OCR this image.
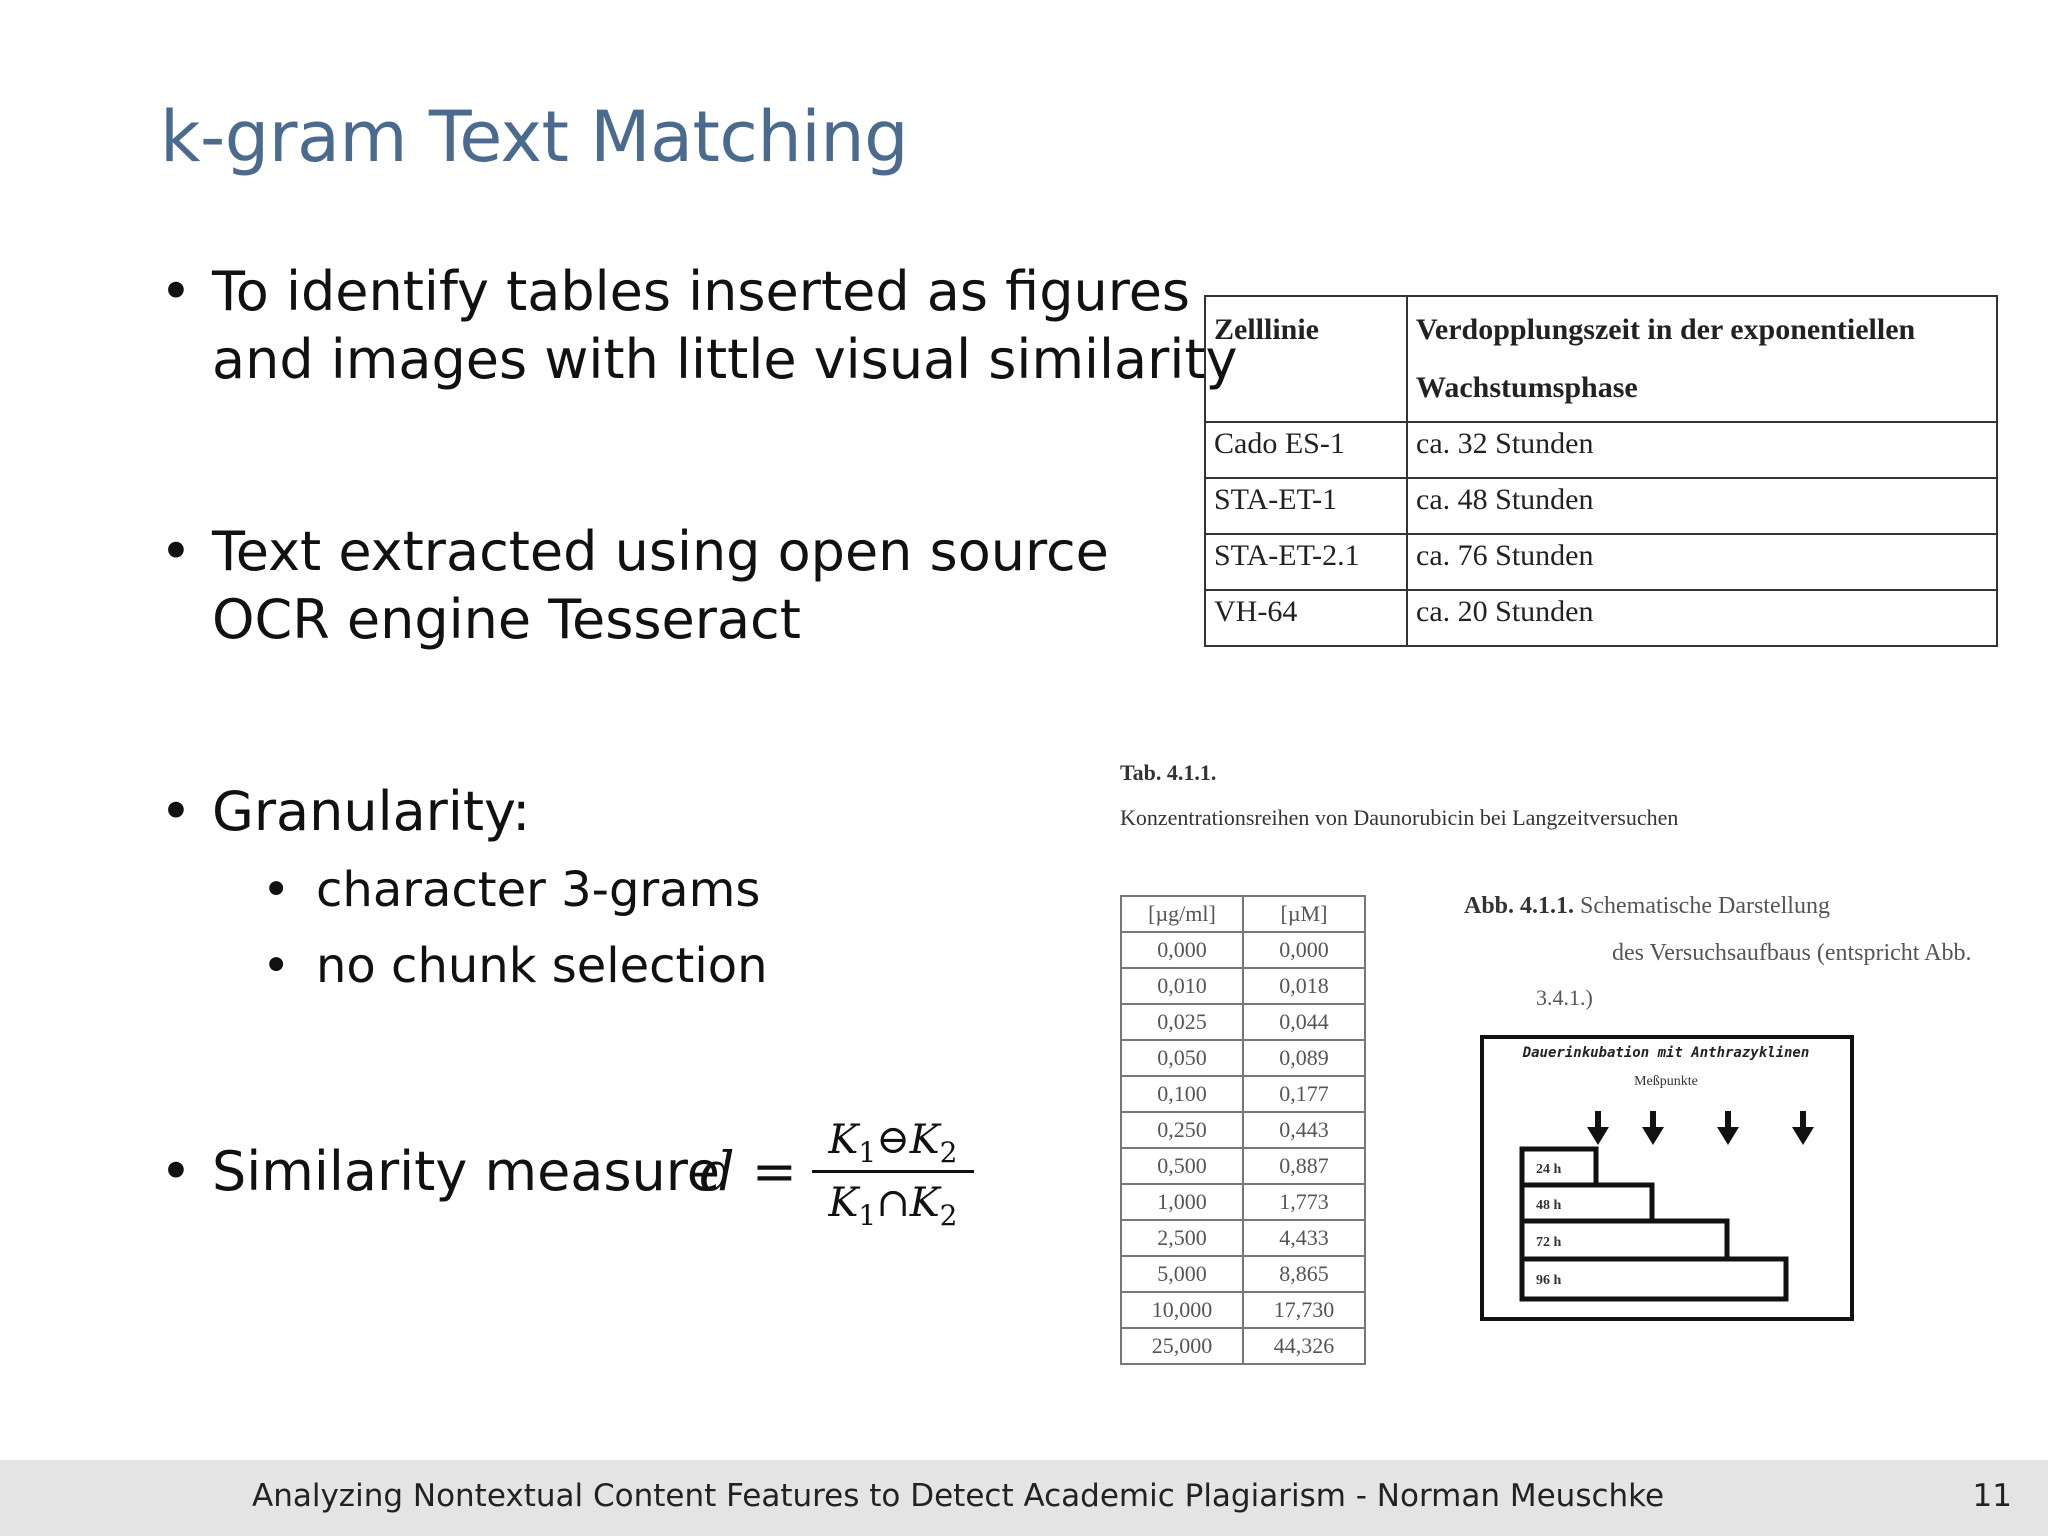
k-gram Text Matching
• To identify tables inserted as figures
and images with little visual similarity
• Text extracted using open source
OCR engine Tesseract
• Granularity:
• character 3-grams
• no chunk selection
• Similarity measure
$d = K_1⊖K_2$
$K_1\cap K_2$
Zelllinie	Verdopplungszeit in der exponentiellen
Wachstumsphase

Cado ES-1	ca. 32 Stunden
STA-ET-1	ca. 48 Stunden
STA-ET-2.1	ca. 76 Stunden
VH-64	ca. 20 Stunden
Tab. 4.1.1.
Konzentrationsreihen von Daunorubicin bei Langzeitversuchen
[µg/ml]	[µM]
0,000	0,000
0,010	0,018
0,025	0,044
0,050	0,089
0,100	0,177
0,250	0,443
0,500	0,887
1,000	1,773
2,500	4,433
5,000	8,865
10,000	17,730
25,000	44,326
Abb. 4.1.1. Schematische Darstellung
des Versuchsaufbaus (entspricht Abb.
3.4.1.)
Dauerinkubation mit Anthrazyklinen
Meßpunkte
24 h
48 h
72 h
96 h
Analyzing Nontextual Content Features to Detect Academic Plagiarism - Norman Meuschke	11
